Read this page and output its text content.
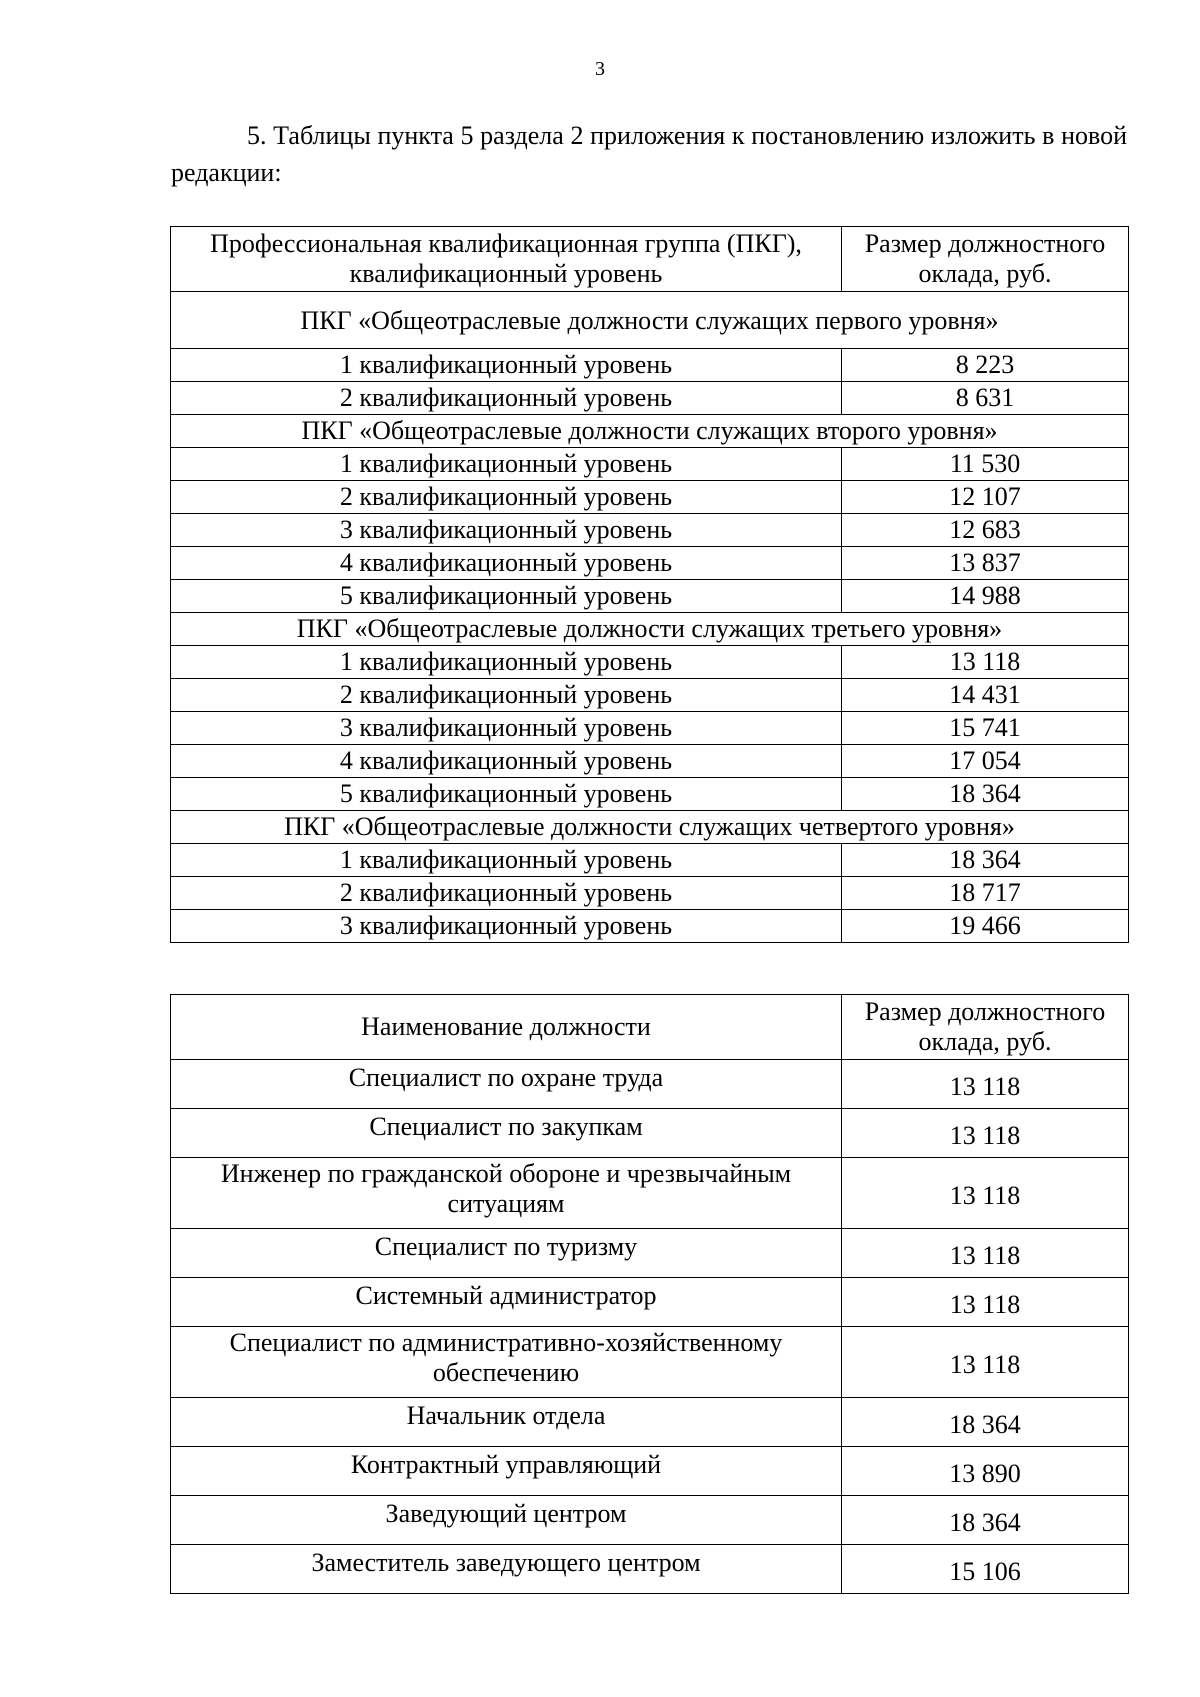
3

5. Таблицы пункта 5 раздела 2 приложения к постановлению изложить в новой редакции:

Профессиональная квалификационная группа (ПКГ), квалификационный уровень	Размер должностного оклада, руб.
ПКГ «Общеотраслевые должности служащих первого уровня»	
1 квалификационный уровень	8 223
2 квалификационный уровень	8 631
ПКГ «Общеотраслевые должности служащих второго уровня»	
1 квалификационный уровень	11 530
2 квалификационный уровень	12 107
3 квалификационный уровень	12 683
4 квалификационный уровень	13 837
5 квалификационный уровень	14 988
ПКГ «Общеотраслевые должности служащих третьего уровня»	
1 квалификационный уровень	13 118
2 квалификационный уровень	14 431
3 квалификационный уровень	15 741
4 квалификационный уровень	17 054
5 квалификационный уровень	18 364
ПКГ «Общеотраслевые должности служащих четвертого уровня»	
1 квалификационный уровень	18 364
2 квалификационный уровень	18 717
3 квалификационный уровень	19 466
Наименование должности	Размер должностного оклада, руб.
Специалист по охране труда	13 118
Специалист по закупкам	13 118
Инженер по гражданской обороне и чрезвычайным ситуациям	13 118
Специалист по туризму	13 118
Системный администратор	13 118
Специалист по административно-хозяйственному обеспечению	13 118
Начальник отдела	18 364
Контрактный управляющий	13 890
Заведующий центром	18 364
Заместитель заведующего центром	15 106
